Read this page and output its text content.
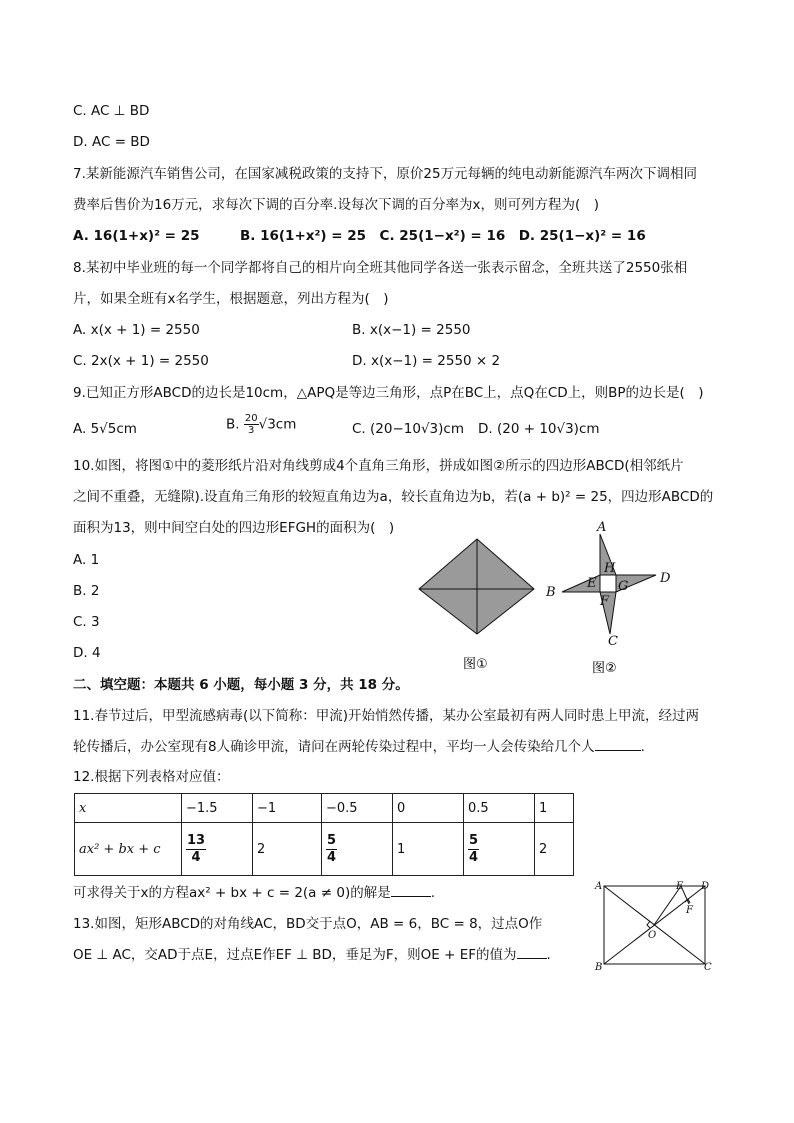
C. AC ⊥ BD
D. AC = BD
7.某新能源汽车销售公司，在国家减税政策的支持下，原价25万元每辆的纯电动新能源汽车两次下调相同
费率后售价为16万元，求每次下调的百分率.设每次下调的百分率为x，则可列方程为(　)
A. 16(1+x)² = 25　　　B. 16(1+x²) = 25　C. 25(1−x²) = 16　D. 25(1−x)² = 16
8.某初中毕业班的每一个同学都将自己的相片向全班其他同学各送一张表示留念，全班共送了2550张相
片，如果全班有x名学生，根据题意，列出方程为(　)
A. x(x + 1) = 2550	B. x(x−1) = 2550
C. 2x(x + 1) = 2550	D. x(x−1) = 2550 × 2
9.已知正方形ABCD的边长是10cm，△APQ是等边三角形，点P在BC上，点Q在CD上，则BP的边长是(　)
A. 5√5cm	B. $\frac{20}{3} √3cm$	C. (20−10√3)cm D. (20 + 10√3)cm
10.如图，将图①中的菱形纸片沿对角线剪成4个直角三角形，拼成如图②所示的四边形ABCD(相邻纸片
之间不重叠，无缝隙).设直角三角形的较短直角边为a，较长直角边为b，若(a + b)² = 25，四边形ABCD的
面积为13，则中间空白处的四边形EFGH的面积为(　)
A. 1
B. 2
C. 3
D. 4
图①
A
B
C
D
E
F
G
H
图②
二、填空题：本题共 6 小题，每小题 3 分，共 18 分。
11.春节过后，甲型流感病毒(以下简称：甲流)开始悄然传播，某办公室最初有两人同时患上甲流，经过两
轮传播后，办公室现有8人确诊甲流，请问在两轮传染过程中，平均一人会传染给几个人	.
12.根据下列表格对应值：
x	−1.5	−1	−0.5	0	0.5	1
ax² + bx + c	$\frac{13}{4}$	2	$\frac{5}{4}$	1	$\frac{5}{4}$	2
可求得关于x的方程ax² + bx + c = 2(a ≠ 0)的解是	.
13.如图，矩形ABCD的对角线AC，BD交于点O，AB = 6，BC = 8，过点O作
OE ⊥ AC，交AD于点E，过点E作EF ⊥ BD，垂足为F，则OE + EF的值为 .
A
B	C
D
E
F
O
